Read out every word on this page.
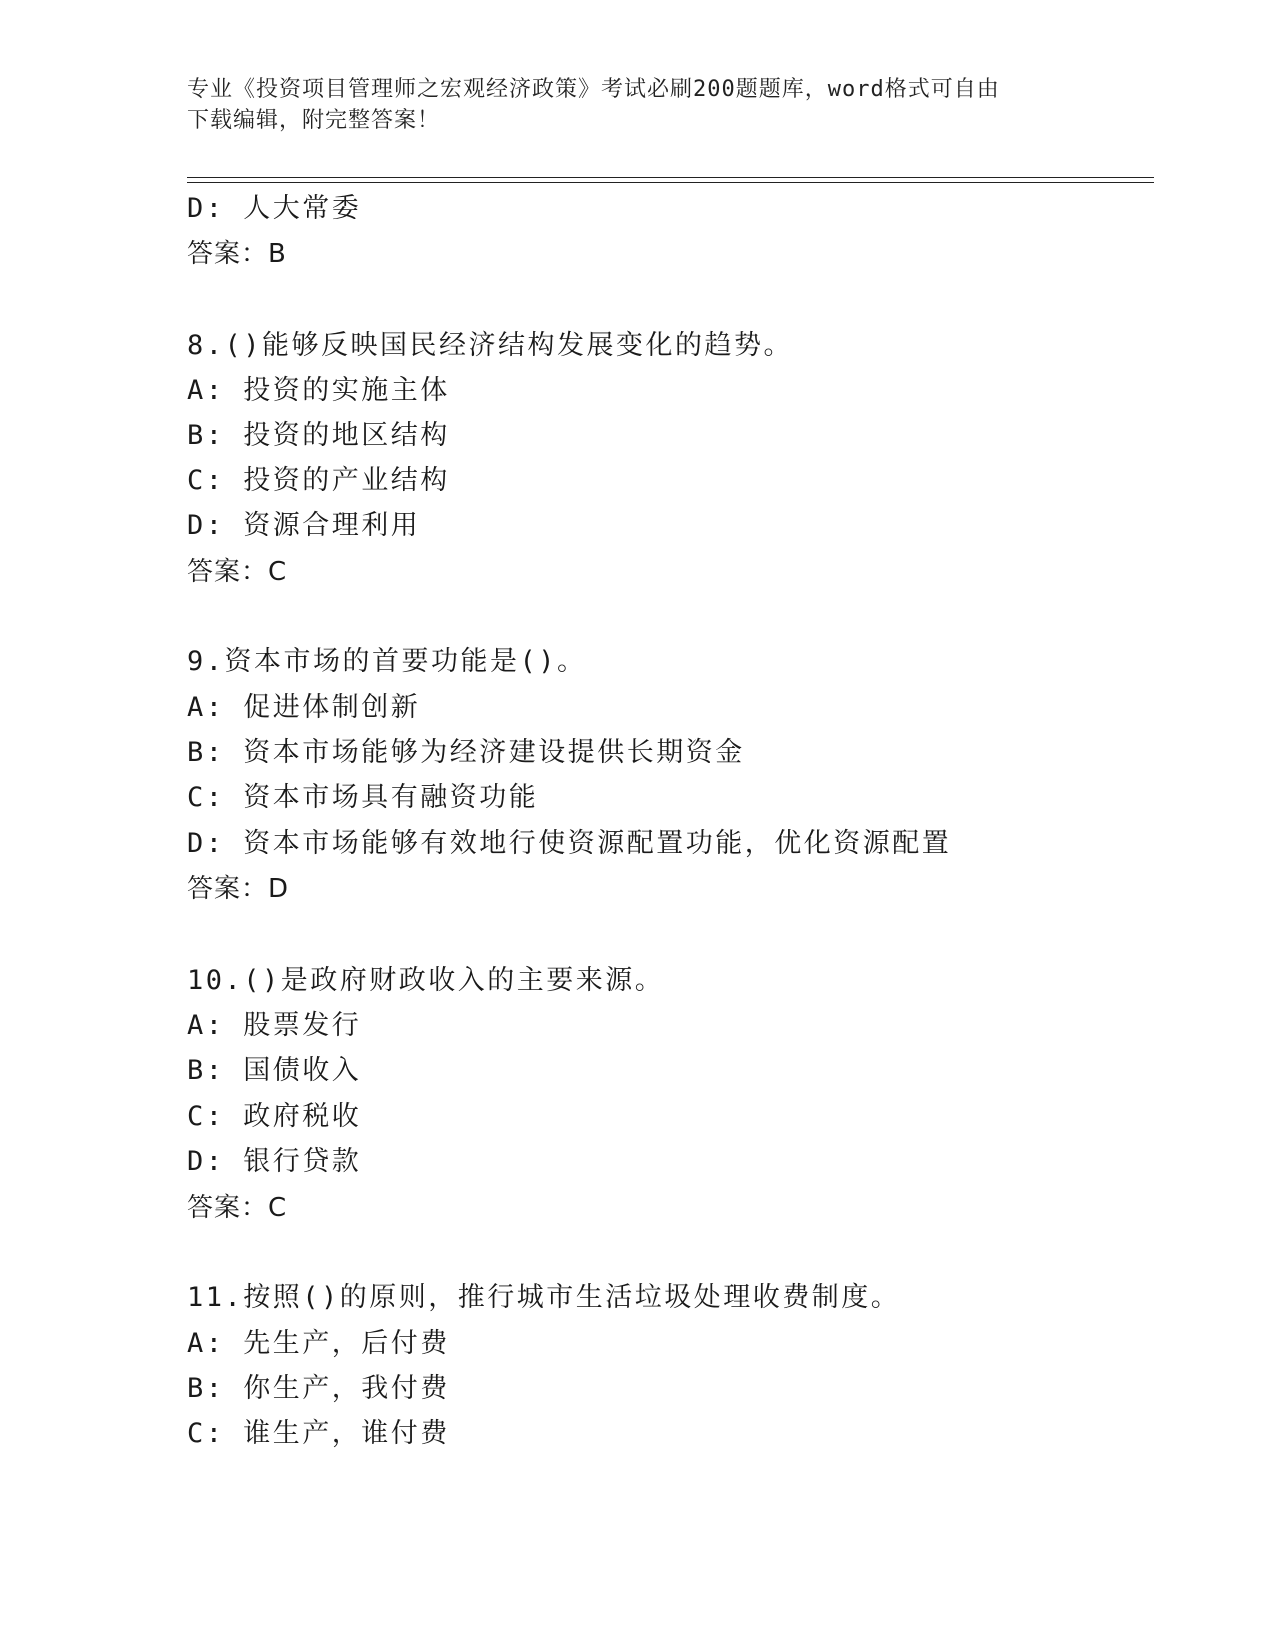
专业《投资项目管理师之宏观经济政策》考试必刷200题题库，word格式可自由
下载编辑，附完整答案！
D: 人大常委
答案：B
8.()能够反映国民经济结构发展变化的趋势。
A: 投资的实施主体
B: 投资的地区结构
C: 投资的产业结构
D: 资源合理利用
答案：C
9.资本市场的首要功能是()。
A: 促进体制创新
B: 资本市场能够为经济建设提供长期资金
C: 资本市场具有融资功能
D: 资本市场能够有效地行使资源配置功能，优化资源配置
答案：D
10.()是政府财政收入的主要来源。
A: 股票发行
B: 国债收入
C: 政府税收
D: 银行贷款
答案：C
11.按照()的原则，推行城市生活垃圾处理收费制度。
A: 先生产，后付费
B: 你生产，我付费
C: 谁生产，谁付费
